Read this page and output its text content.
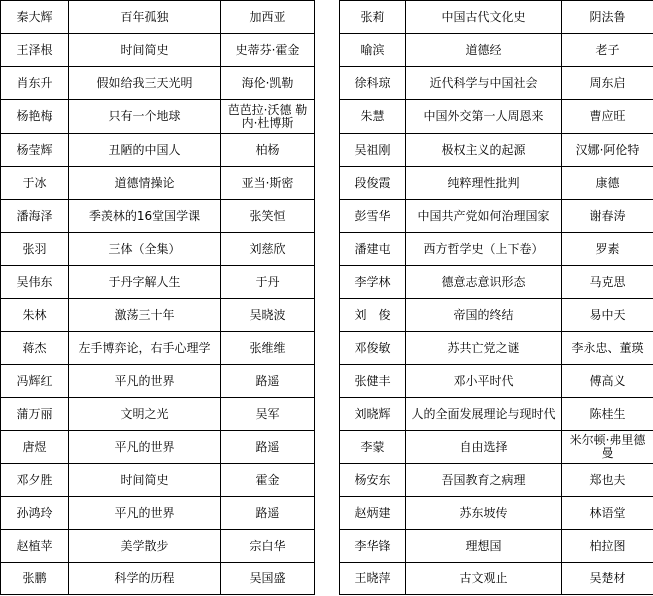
秦大辉	百年孤独	加西亚
王泽根	时间简史	史蒂芬·霍金
肖东升	假如给我三天光明	海伦·凯勒
杨艳梅	只有一个地球	芭芭拉·沃德 勒内·杜博斯
杨莹辉	丑陋的中国人	柏杨
于冰	道德情操论	亚当·斯密
潘海泽	季羡林的16堂国学课	张笑恒
张羽	三体（全集）	刘慈欣
吴伟东	于丹字解人生	于丹
朱林	激荡三十年	吴晓波
蒋杰	左手博弈论，右手心理学	张维维
冯辉红	平凡的世界	路遥
蒲万丽	文明之光	吴军
唐煜	平凡的世界	路遥
邓夕胜	时间简史	霍金
孙鸿玲	平凡的世界	路遥
赵植苹	美学散步	宗白华
张鹏	科学的历程	吴国盛
张莉	中国古代文化史	阴法鲁
喻滨	道德经	老子
徐科琼	近代科学与中国社会	周东启
朱慧	中国外交第一人周恩来	曹应旺
吴祖刚	极权主义的起源	汉娜·阿伦特
段俊霞	纯粹理性批判	康德
彭雪华	中国共产党如何治理国家	谢春涛
潘建屯	西方哲学史（上下卷）	罗素
李学林	德意志意识形态	马克思
刘　俊	帝国的终结	易中天
邓俊敏	苏共亡党之谜	李永忠、董瑛
张健丰	邓小平时代	傅高义
刘晓辉	人的全面发展理论与现时代	陈桂生
李蒙	自由选择	米尔顿·弗里德曼
杨安东	吾国教育之病理	郑也夫
赵炳建	苏东坡传	林语堂
李华锋	理想国	柏拉图
王晓萍	古文观止	吴楚材
